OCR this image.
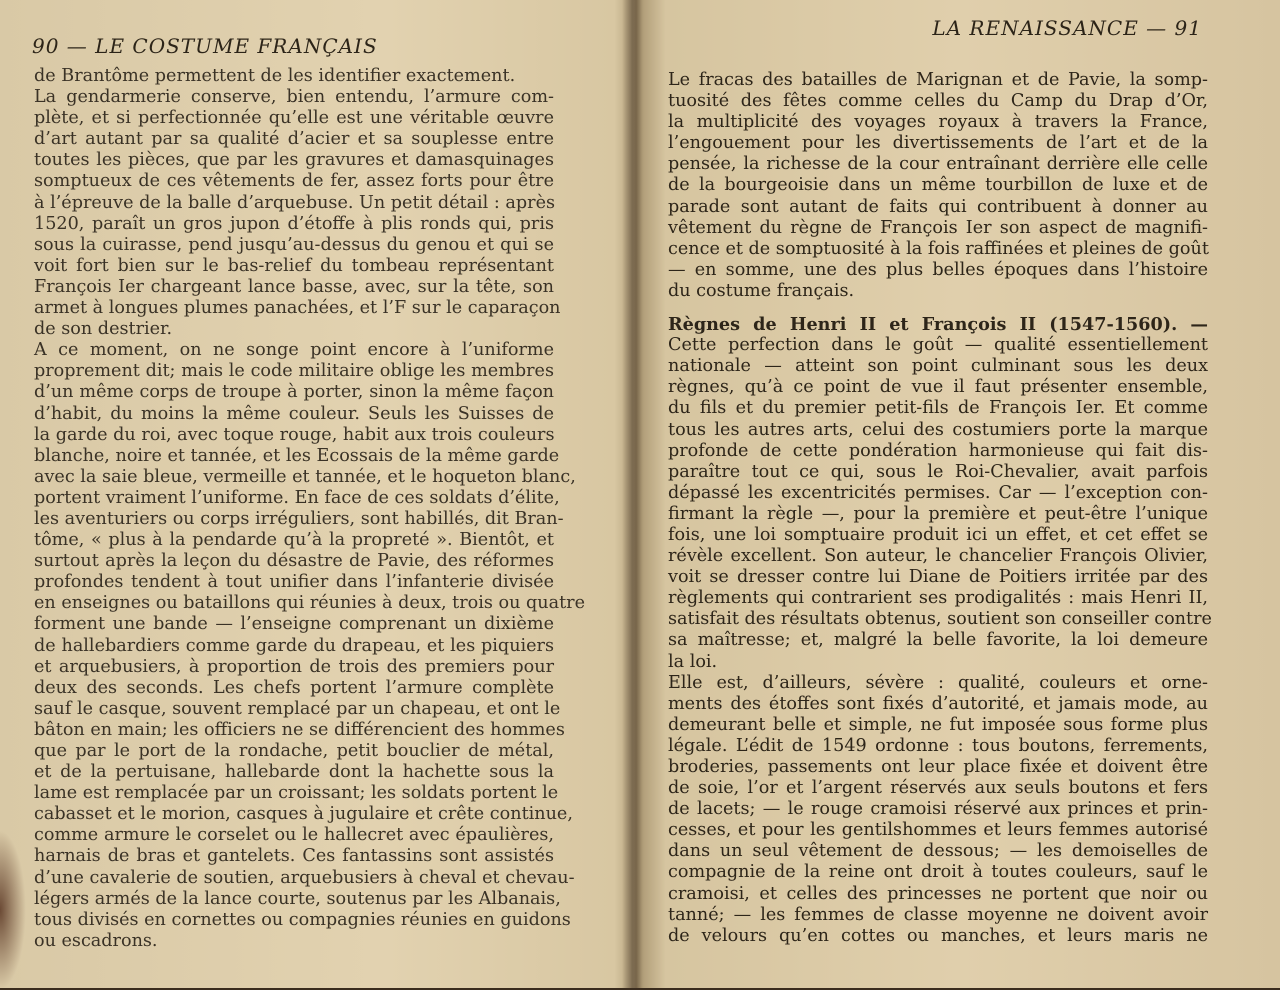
90 — LE COSTUME FRANÇAIS
de Brantôme permettent de les identifier exactement.
La gendarmerie conserve, bien entendu, l’armure com-
plète, et si perfectionnée qu’elle est une véritable œuvre
d’art autant par sa qualité d’acier et sa souplesse entre
toutes les pièces, que par les gravures et damasquinages
somptueux de ces vêtements de fer, assez forts pour être
à l’épreuve de la balle d’arquebuse. Un petit détail : après
1520, paraît un gros jupon d’étoffe à plis ronds qui, pris
sous la cuirasse, pend jusqu’au-dessus du genou et qui se
voit fort bien sur le bas-relief du tombeau représentant
François Ier chargeant lance basse, avec, sur la tête, son
armet à longues plumes panachées, et l’F sur le caparaçon
de son destrier.
A ce moment, on ne songe point encore à l’uniforme
proprement dit; mais le code militaire oblige les membres
d’un même corps de troupe à porter, sinon la même façon
d’habit, du moins la même couleur. Seuls les Suisses de
la garde du roi, avec toque rouge, habit aux trois couleurs
blanche, noire et tannée, et les Ecossais de la même garde
avec la saie bleue, vermeille et tannée, et le hoqueton blanc,
portent vraiment l’uniforme. En face de ces soldats d’élite,
les aventuriers ou corps irréguliers, sont habillés, dit Bran-
tôme, « plus à la pendarde qu’à la propreté ». Bientôt, et
surtout après la leçon du désastre de Pavie, des réformes
profondes tendent à tout unifier dans l’infanterie divisée
en enseignes ou bataillons qui réunies à deux, trois ou quatre
forment une bande — l’enseigne comprenant un dixième
de hallebardiers comme garde du drapeau, et les piquiers
et arquebusiers, à proportion de trois des premiers pour
deux des seconds. Les chefs portent l’armure complète
sauf le casque, souvent remplacé par un chapeau, et ont le
bâton en main; les officiers ne se différencient des hommes
que par le port de la rondache, petit bouclier de métal,
et de la pertuisane, hallebarde dont la hachette sous la
lame est remplacée par un croissant; les soldats portent le
cabasset et le morion, casques à jugulaire et crête continue,
comme armure le corselet ou le hallecret avec épaulières,
harnais de bras et gantelets. Ces fantassins sont assistés
d’une cavalerie de soutien, arquebusiers à cheval et chevau-
légers armés de la lance courte, soutenus par les Albanais,
tous divisés en cornettes ou compagnies réunies en guidons
ou escadrons.
LA RENAISSANCE — 91
Le fracas des batailles de Marignan et de Pavie, la somp-
tuosité des fêtes comme celles du Camp du Drap d’Or,
la multiplicité des voyages royaux à travers la France,
l’engouement pour les divertissements de l’art et de la
pensée, la richesse de la cour entraînant derrière elle celle
de la bourgeoisie dans un même tourbillon de luxe et de
parade sont autant de faits qui contribuent à donner au
vêtement du règne de François Ier son aspect de magnifi-
cence et de somptuosité à la fois raffinées et pleines de goût
— en somme, une des plus belles époques dans l’histoire
du costume français.
Règnes de Henri II et François II (1547-1560). —
Cette perfection dans le goût — qualité essentiellement
nationale — atteint son point culminant sous les deux
règnes, qu’à ce point de vue il faut présenter ensemble,
du fils et du premier petit-fils de François Ier. Et comme
tous les autres arts, celui des costumiers porte la marque
profonde de cette pondération harmonieuse qui fait dis-
paraître tout ce qui, sous le Roi-Chevalier, avait parfois
dépassé les excentricités permises. Car — l’exception con-
firmant la règle —, pour la première et peut-être l’unique
fois, une loi somptuaire produit ici un effet, et cet effet se
révèle excellent. Son auteur, le chancelier François Olivier,
voit se dresser contre lui Diane de Poitiers irritée par des
règlements qui contrarient ses prodigalités : mais Henri II,
satisfait des résultats obtenus, soutient son conseiller contre
sa maîtresse; et, malgré la belle favorite, la loi demeure
la loi.
Elle est, d’ailleurs, sévère : qualité, couleurs et orne-
ments des étoffes sont fixés d’autorité, et jamais mode, au
demeurant belle et simple, ne fut imposée sous forme plus
légale. L’édit de 1549 ordonne : tous boutons, ferrements,
broderies, passements ont leur place fixée et doivent être
de soie, l’or et l’argent réservés aux seuls boutons et fers
de lacets; — le rouge cramoisi réservé aux princes et prin-
cesses, et pour les gentilshommes et leurs femmes autorisé
dans un seul vêtement de dessous; — les demoiselles de
compagnie de la reine ont droit à toutes couleurs, sauf le
cramoisi, et celles des princesses ne portent que noir ou
tanné; — les femmes de classe moyenne ne doivent avoir
de velours qu’en cottes ou manches, et leurs maris ne
